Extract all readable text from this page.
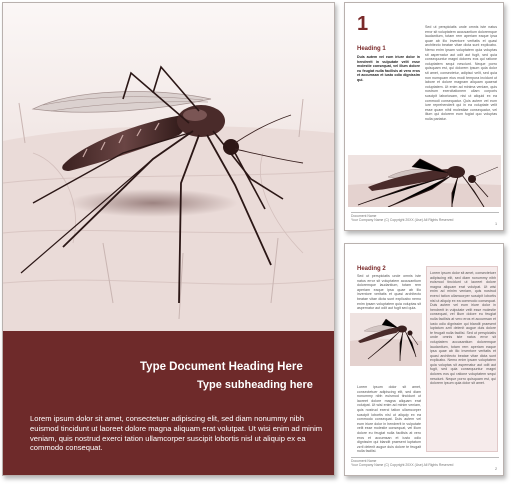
Type Document Heading Here
Type subheading here
Lorem ipsum dolor sit amet, consectetuer adipiscing elit, sed diam nonummy nibh euismod tincidunt ut laoreet dolore magna aliquam erat volutpat. Ut wisi enim ad minim veniam, quis nostrud exerci tation ullamcorper suscipit lobortis nisl ut aliquip ex ea commodo consequat.
1
Heading 1
Duis autem vel eum iriure dolor in hendrerit in vulputate velit esse molestie consequat, vel illum dolore eu feugiat nulla facilisis at vero eros et accumsan et iusto odio dignissim qui.
Sed ut perspiciatis unde omnis iste natus error sit voluptatem accusantium doloremque laudantium, totam rem aperiam eaque ipsa quae ab illo inventore veritatis et quasi architecto beatae vitae dicta sunt explicabo. Nemo enim ipsam voluptatem quia voluptas sit aspernatur aut odit aut fugit, sed quia consequuntur magni dolores eos qui ratione voluptatem sequi nesciunt. Neque porro quisquam est, qui dolorem ipsum quia dolor sit amet, consectetur, adipisci velit, sed quia non numquam eius modi tempora incidunt ut labore et dolore magnam aliquam quaerat voluptatem. Ut enim ad minima veniam, quis nostrum exercitationem ullam corporis suscipit laboriosam, nisi ut aliquid ex ea commodi consequatur. Quis autem vel eum iure reprehenderit qui in ea voluptate velit esse quam nihil molestiae consequatur, vel illum qui dolorem eum fugiat quo voluptas nulla pariatur.
Document Name
Your Company Name (C) Copyright 20XX (Use) All Rights Reserved
1
Heading 2
Sed ut perspiciatis unde omnis iste natus error sit voluptatem accusantium doloremque laudantium, totam rem aperiam eaque ipsa quae ab illo inventore veritatis et quasi architecto beatae vitae dicta sunt explicabo nemo enim ipsam voluptatem quia voluptas sit aspernatur aut odit aut fugit sed quia.
Lorem ipsum dolor sit amet, consectetuer adipiscing elit, sed diam nonummy nibh euismod tincidunt ut laoreet dolore magna aliquam erat volutpat. Ut wisi enim ad minim veniam, quis nostrud exerci tation ullamcorper suscipit lobortis nisl ut aliquip ex ea commodo consequat. Duis autem vel eum iriure dolor in hendrerit in vulputate velit esse molestie consequat, vel illum dolore eu feugiat nulla facilisis at vero eros et accumsan et iusto odio dignissim qui blandit praesent luptatum zzril delenit augue duis dolore te feugait nulla facilisi.
Lorem ipsum dolor sit amet, consectetuer adipiscing elit, sed diam nonummy nibh euismod tincidunt ut laoreet dolore magna aliquam erat volutpat. Ut wisi enim ad minim veniam, quis nostrud exerci tation ullamcorper suscipit lobortis nisl ut aliquip ex ea commodo consequat. Duis autem vel eum iriure dolor in hendrerit in vulputate velit esse molestie consequat, vel illum dolore eu feugiat nulla facilisis at vero eros et accumsan et iusto odio dignissim qui blandit praesent luptatum zzril delenit augue duis dolore te feugait nulla facilisi. Sed ut perspiciatis unde omnis iste natus error sit voluptatem accusantium doloremque laudantium, totam rem aperiam eaque ipsa quae ab illo inventore veritatis et quasi architecto beatae vitae dicta sunt explicabo. Nemo enim ipsam voluptatem quia voluptas sit aspernatur aut odit aut fugit, sed quia consequuntur magni dolores eos qui ratione voluptatem sequi nesciunt. Neque porro quisquam est, qui dolorem ipsum quia dolor sit amet.
Document Name
Your Company Name (C) Copyright 20XX (Use) All Rights Reserved
2
